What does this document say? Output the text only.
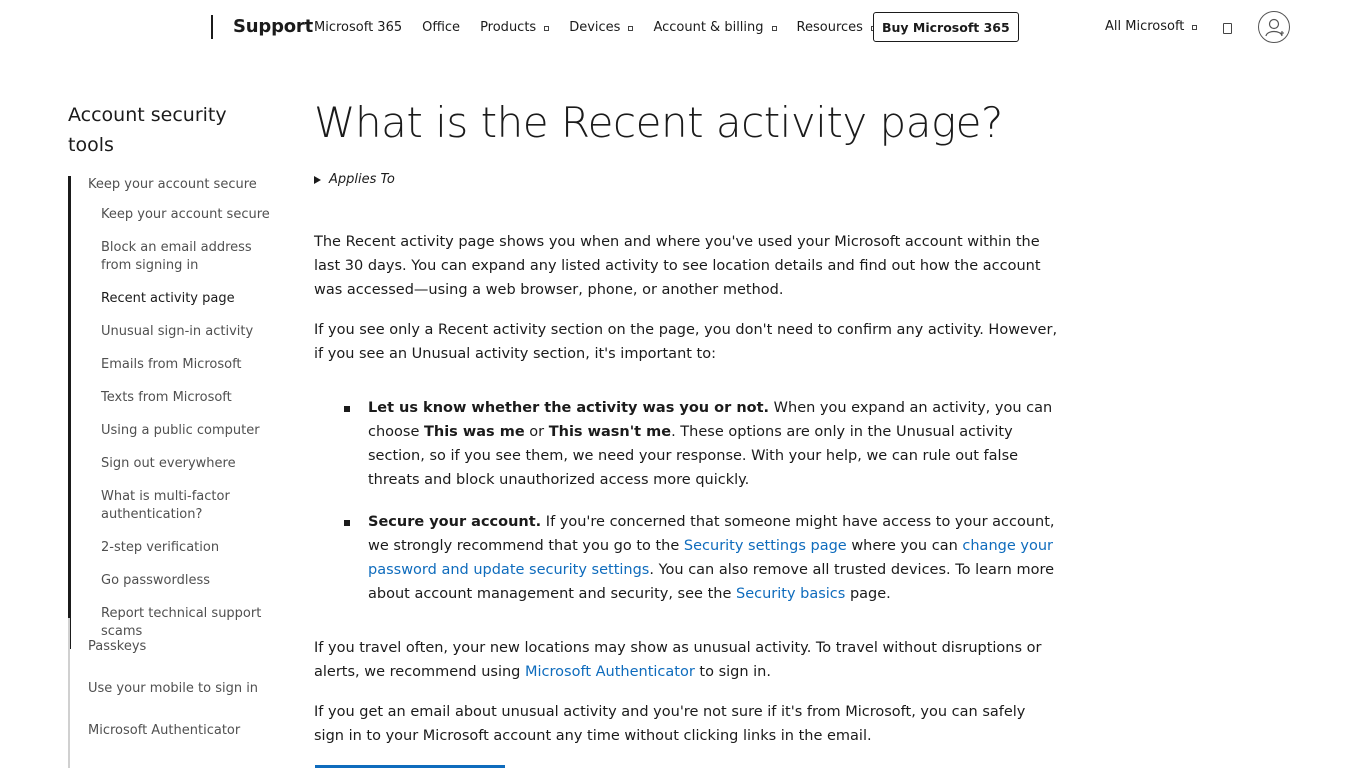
Support Microsoft 365 Office Products	Devices	Account & billing	Resources	Buy Microsoft 365	All Microsoft
Account security tools
Keep your account secure
Keep your account secure
Block an email address from signing in
Recent activity page
Unusual sign-in activity
Emails from Microsoft
Texts from Microsoft
Using a public computer
Sign out everywhere
What is multi-factor authentication?
2-step verification
Go passwordless
Report technical support scams
Passkeys
Use your mobile to sign in
Microsoft Authenticator
What is the Recent activity page?
Applies To

The Recent activity page shows you when and where you've used your Microsoft account within the last 30 days. You can expand any listed activity to see location details and find out how the account was accessed—using a web browser, phone, or another method.

If you see only a Recent activity section on the page, you don't need to confirm any activity. However, if you see an Unusual activity section, it's important to:

Let us know whether the activity was you or not. When you expand an activity, you can choose This was me or This wasn't me. These options are only in the Unusual activity section, so if you see them, we need your response. With your help, we can rule out false threats and block unauthorized access more quickly.
Secure your account. If you're concerned that someone might have access to your account, we strongly recommend that you go to the Security settings page where you can change your password and update security settings. You can also remove all trusted devices. To learn more about account management and security, see the Security basics page.

If you travel often, your new locations may show as unusual activity. To travel without disruptions or alerts, we recommend using Microsoft Authenticator to sign in.

If you get an email about unusual activity and you're not sure if it's from Microsoft, you can safely sign in to your Microsoft account any time without clicking links in the email.
